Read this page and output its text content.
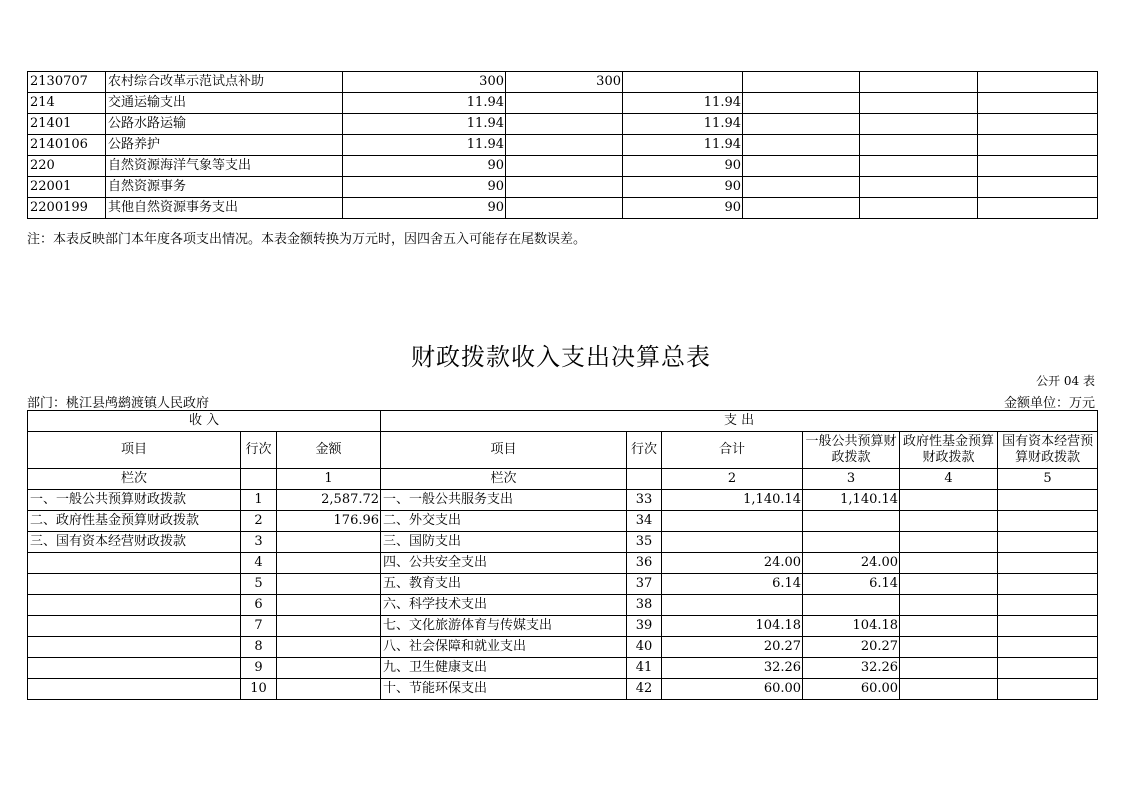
2130707	农村综合改革示范试点补助	300	300				
214	交通运输支出	11.94		11.94			
21401	公路水路运输	11.94		11.94			
2140106	公路养护	11.94		11.94			
220	自然资源海洋气象等支出	90		90			
22001	自然资源事务	90		90			
2200199	其他自然资源事务支出	90		90			
注：本表反映部门本年度各项支出情况。本表金额转换为万元时，因四舍五入可能存在尾数误差。
财政拨款收入支出决算总表
公开 04 表
部门：桃江县鸬鹚渡镇人民政府	金额单位：万元
收 入			支 出					
项目	行次	金额	项目	行次	合计	一般公共预算财政拨款	政府性基金预算财政拨款	国有资本经营预算财政拨款
栏次		1	栏次		2	3	4	5
一、一般公共预算财政拨款	1	2,587.72	一、一般公共服务支出	33	1,140.14	1,140.14		
二、政府性基金预算财政拨款	2	176.96	二、外交支出	34				
三、国有资本经营财政拨款	3		三、国防支出	35				
	4		四、公共安全支出	36	24.00	24.00		
	5		五、教育支出	37	6.14	6.14		
	6		六、科学技术支出	38				
	7		七、文化旅游体育与传媒支出	39	104.18	104.18		
	8		八、社会保障和就业支出	40	20.27	20.27		
	9		九、卫生健康支出	41	32.26	32.26		
	10		十、节能环保支出	42	60.00	60.00		
